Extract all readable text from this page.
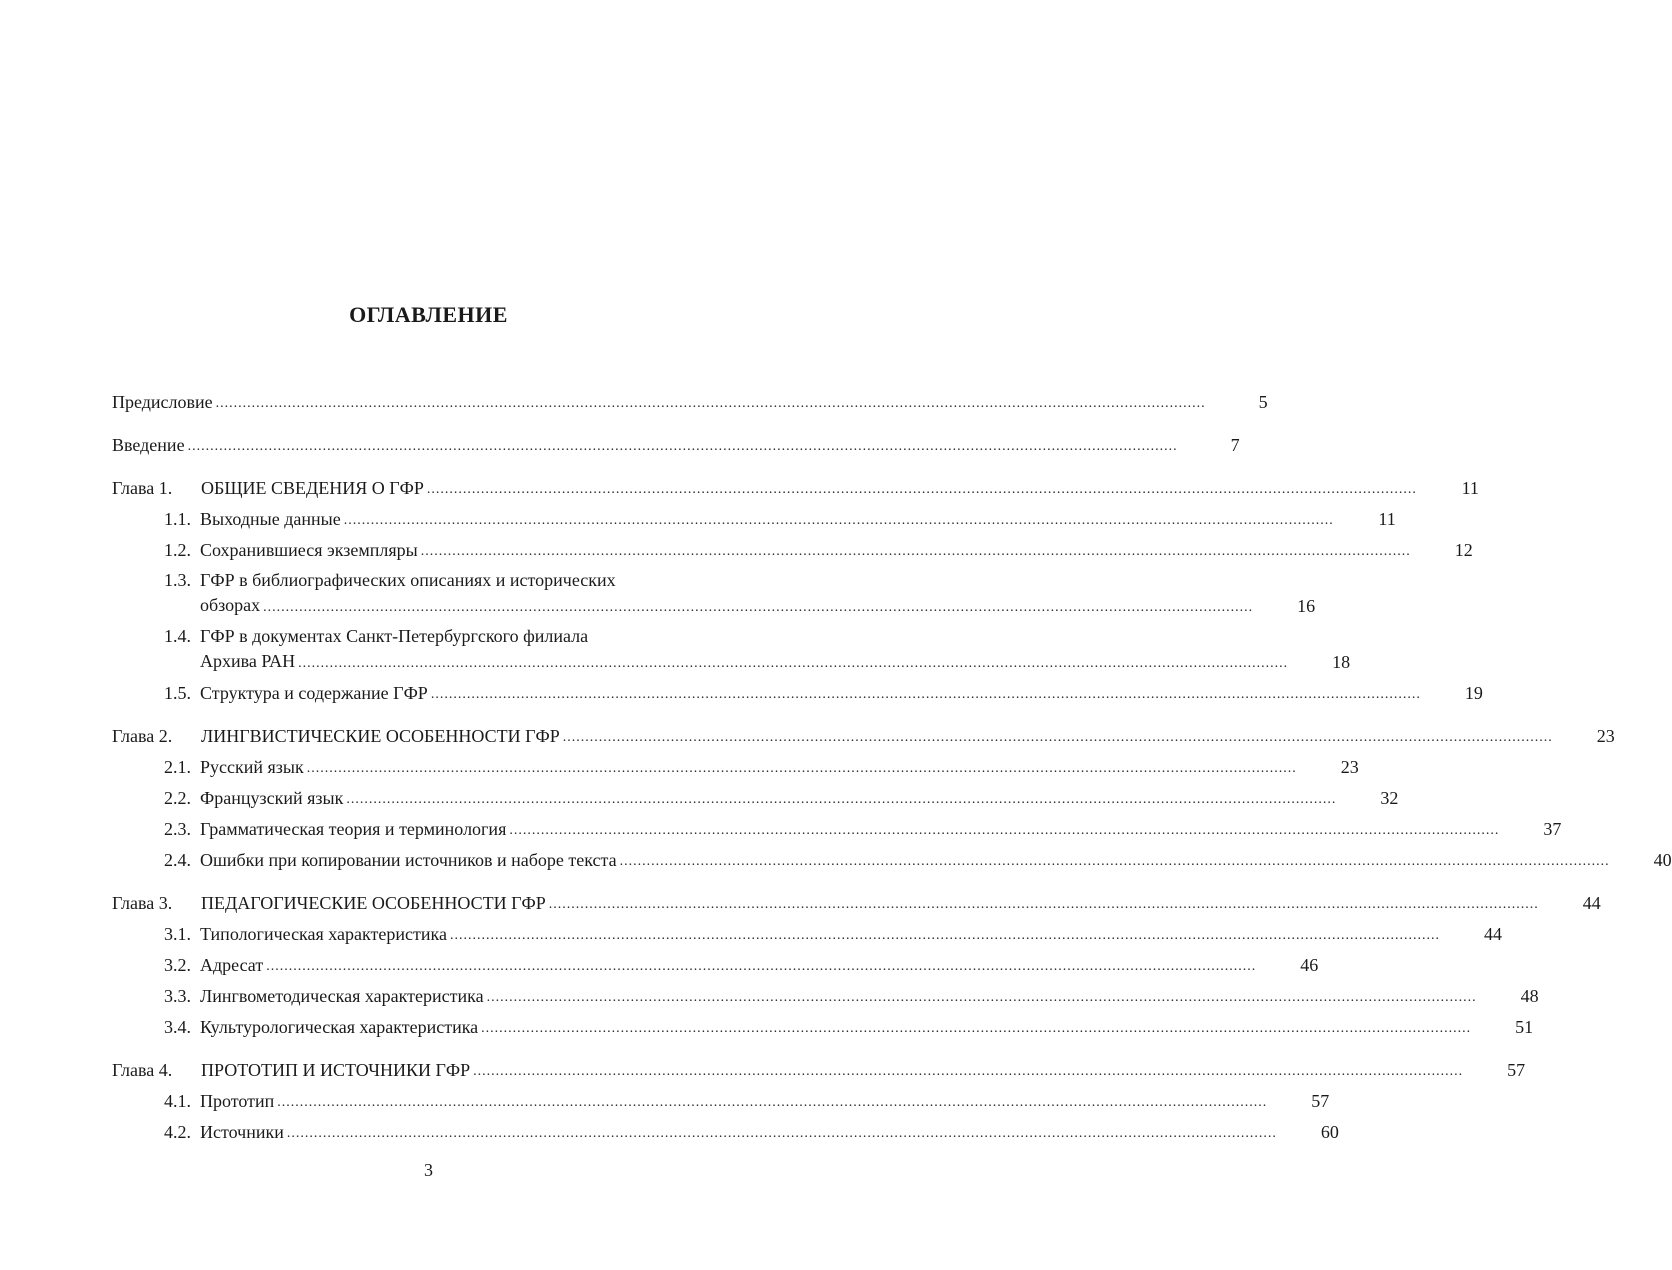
ОГЛАВЛЕНИЕ
Предисловие ............................................................................................................................................................................................................................	5
Введение ............................................................................................................................................................................................................................	7
Глава 1. ОБЩИЕ СВЕДЕНИЯ О ГФР ............................................................................................................................................................................................................................	11
1.1. Выходные данные ............................................................................................................................................................................................................................	11
1.2. Сохранившиеся экземпляры ............................................................................................................................................................................................................................	12
1.3. ГФР в библиографических описаниях и исторических
обзорах ............................................................................................................................................................................................................................	16
1.4. ГФР в документах Санкт-Петербургского филиала
Архива РАН ............................................................................................................................................................................................................................	18
1.5. Структура и содержание ГФР ............................................................................................................................................................................................................................	19
Глава 2. ЛИНГВИСТИЧЕСКИЕ ОСОБЕННОСТИ ГФР ............................................................................................................................................................................................................................	23
2.1. Русский язык ............................................................................................................................................................................................................................	23
2.2. Французский язык ............................................................................................................................................................................................................................	32
2.3. Грамматическая теория и терминология ............................................................................................................................................................................................................................	37
2.4. Ошибки при копировании источников и наборе текста ............................................................................................................................................................................................................................	40
Глава 3. ПЕДАГОГИЧЕСКИЕ ОСОБЕННОСТИ ГФР ............................................................................................................................................................................................................................	44
3.1. Типологическая характеристика ............................................................................................................................................................................................................................	44
3.2. Адресат ............................................................................................................................................................................................................................	46
3.3. Лингвометодическая характеристика ............................................................................................................................................................................................................................	48
3.4. Культурологическая характеристика ............................................................................................................................................................................................................................	51
Глава 4. ПРОТОТИП И ИСТОЧНИКИ ГФР ............................................................................................................................................................................................................................	57
4.1. Прототип ............................................................................................................................................................................................................................	57
4.2. Источники ............................................................................................................................................................................................................................	60
3
